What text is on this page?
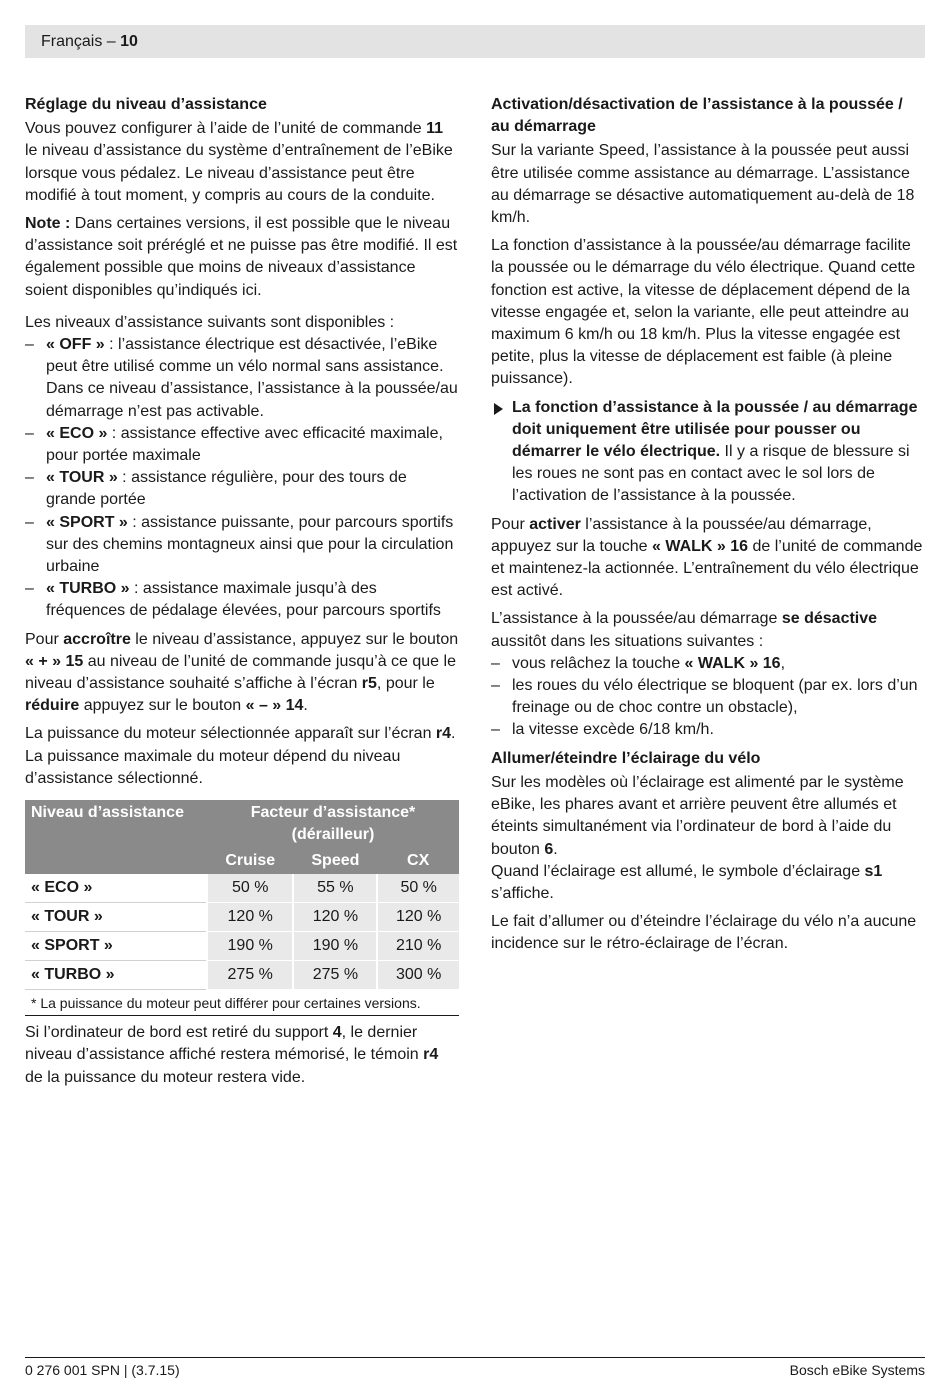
Français – 10
Réglage du niveau d’assistance

Vous pouvez configurer à l’aide de l’unité de commande 11 le niveau d’assistance du système d’entraînement de l’eBike lorsque vous pédalez. Le niveau d’assistance peut être modifié à tout moment, y compris au cours de la conduite.

Note : Dans certaines versions, il est possible que le niveau d’assistance soit préréglé et ne puisse pas être modifié. Il est également possible que moins de niveaux d’assistance soient disponibles qu’indiqués ici.

Les niveaux d’assistance suivants sont disponibles :

– « OFF » : l’assistance électrique est désactivée, l’eBike peut être utilisé comme un vélo normal sans assistance. Dans ce niveau d’assistance, l’assistance à la poussée/au démarrage n’est pas activable.
– « ECO » : assistance effective avec efficacité maximale, pour portée maximale
– « TOUR » : assistance régulière, pour des tours de grande portée
– « SPORT » : assistance puissante, pour parcours sportifs sur des chemins montagneux ainsi que pour la circulation urbaine
– « TURBO » : assistance maximale jusqu’à des fréquences de pédalage élevées, pour parcours sportifs

Pour accroître le niveau d’assistance, appuyez sur le bouton « + » 15 au niveau de l’unité de commande jusqu’à ce que le niveau d’assistance souhaité s’affiche à l’écran r5, pour le réduire appuyez sur le bouton « – » 14.

La puissance du moteur sélectionnée apparaît sur l’écran r4. La puissance maximale du moteur dépend du niveau d’assistance sélectionné.

Niveau d’assistance	Facteur d’assistance*
(dérailleur)		
	Cruise	Speed	CX
« ECO »	50 %	55 %	50 %
« TOUR »	120 %	120 %	120 %
« SPORT »	190 %	190 %	210 %
« TURBO »	275 %	275 %	300 %
* La puissance du moteur peut différer pour certaines versions.

Si l’ordinateur de bord est retiré du support 4, le dernier niveau d’assistance affiché restera mémorisé, le témoin r4 de la puissance du moteur restera vide.

Activation/désactivation de l’assistance à la poussée / au démarrage

Sur la variante Speed, l’assistance à la poussée peut aussi être utilisée comme assistance au démarrage. L’assistance au démarrage se désactive automatiquement au-delà de 18 km/h.

La fonction d’assistance à la poussée/au démarrage facilite la poussée ou le démarrage du vélo électrique. Quand cette fonction est active, la vitesse de déplacement dépend de la vitesse engagée et, selon la variante, elle peut atteindre au maximum 6 km/h ou 18 km/h. Plus la vitesse engagée est petite, plus la vitesse de déplacement est faible (à pleine puissance).

La fonction d’assistance à la poussée / au démarrage doit uniquement être utilisée pour pousser ou démarrer le vélo électrique. Il y a risque de blessure si les roues ne sont pas en contact avec le sol lors de l’activation de l’assistance à la poussée.

Pour activer l’assistance à la poussée/au démarrage, appuyez sur la touche « WALK » 16 de l’unité de commande et maintenez-la actionnée. L’entraînement du vélo électrique est activé.

L’assistance à la poussée/au démarrage se désactive aussitôt dans les situations suivantes :

– vous relâchez la touche « WALK » 16,
– les roues du vélo électrique se bloquent (par ex. lors d’un freinage ou de choc contre un obstacle),
– la vitesse excède 6/18 km/h.
Allumer/éteindre l’éclairage du vélo

Sur les modèles où l’éclairage est alimenté par le système eBike, les phares avant et arrière peuvent être allumés et éteints simultanément via l’ordinateur de bord à l’aide du bouton 6.
Quand l’éclairage est allumé, le symbole d’éclairage s1 s’affiche.

Le fait d’allumer ou d’éteindre l’éclairage du vélo n’a aucune incidence sur le rétro-éclairage de l’écran.

0 276 001 SPN | (3.7.15)	Bosch eBike Systems
